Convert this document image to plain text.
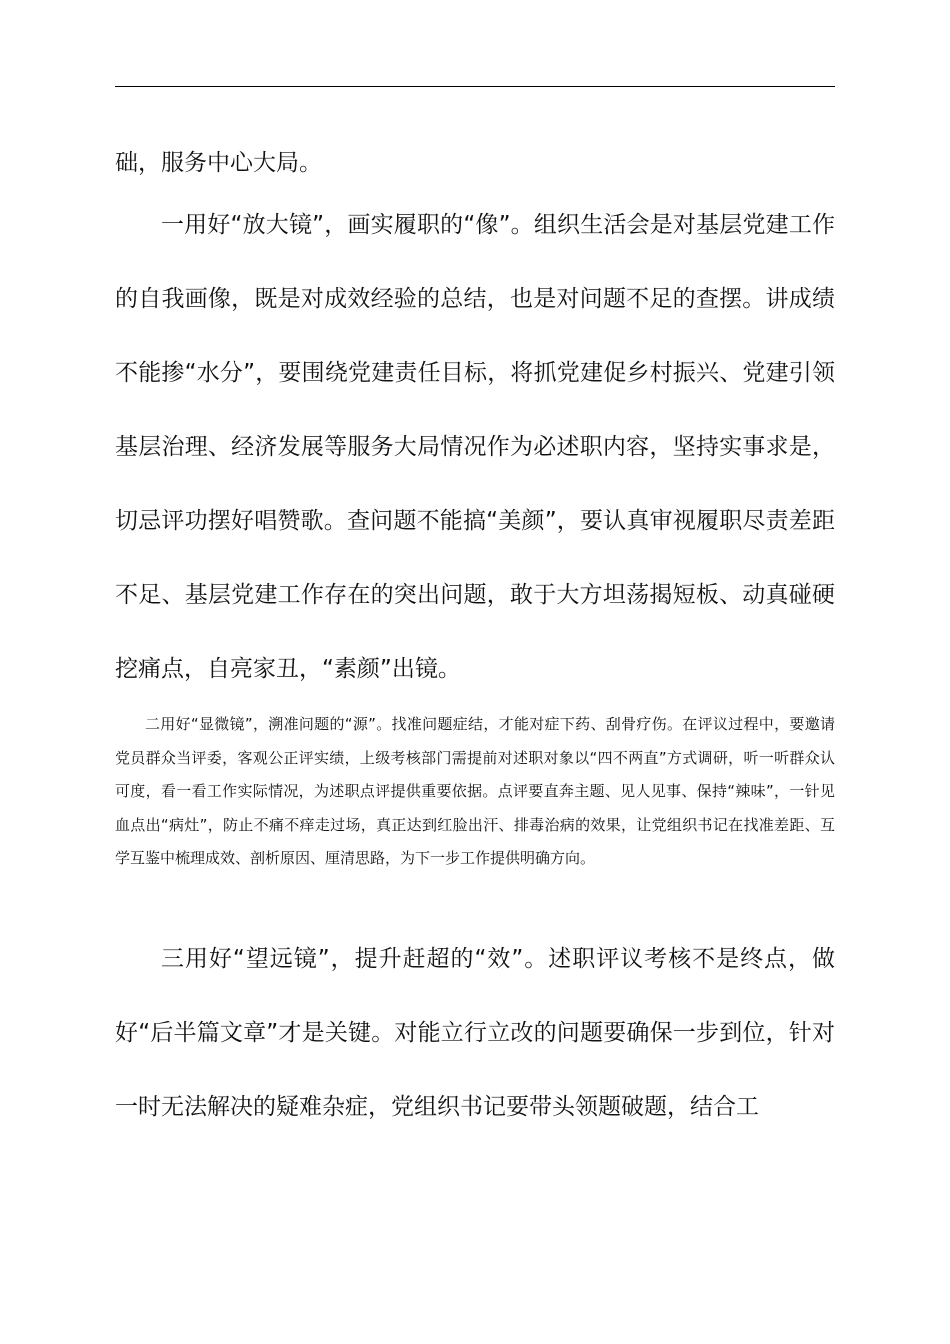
础，服务中心大局。

一用好“放大镜”，画实履职的“像”。组织生活会是对基层党建工作的自我画像，既是对成效经验的总结，也是对问题不足的查摆。讲成绩不能掺“水分”，要围绕党建责任目标，将抓党建促乡村振兴、党建引领基层治理、经济发展等服务大局情况作为必述职内容，坚持实事求是，切忌评功摆好唱赞歌。查问题不能搞“美颜”，要认真审视履职尽责差距不足、基层党建工作存在的突出问题，敢于大方坦荡揭短板、动真碰硬挖痛点，自亮家丑，“素颜”出镜。

二用好“显微镜”，溯准问题的“源”。找准问题症结，才能对症下药、刮骨疗伤。在评议过程中，要邀请党员群众当评委，客观公正评实绩，上级考核部门需提前对述职对象以“四不两直”方式调研，听一听群众认可度，看一看工作实际情况，为述职点评提供重要依据。点评要直奔主题、见人见事、保持“辣味”，一针见血点出“病灶”，防止不痛不痒走过场，真正达到红脸出汗、排毒治病的效果，让党组织书记在找准差距、互学互鉴中梳理成效、剖析原因、厘清思路，为下一步工作提供明确方向。

三用好“望远镜”，提升赶超的“效”。述职评议考核不是终点，做好“后半篇文章”才是关键。对能立行立改的问题要确保一步到位，针对一时无法解决的疑难杂症，党组织书记要带头领题破题，结合工
